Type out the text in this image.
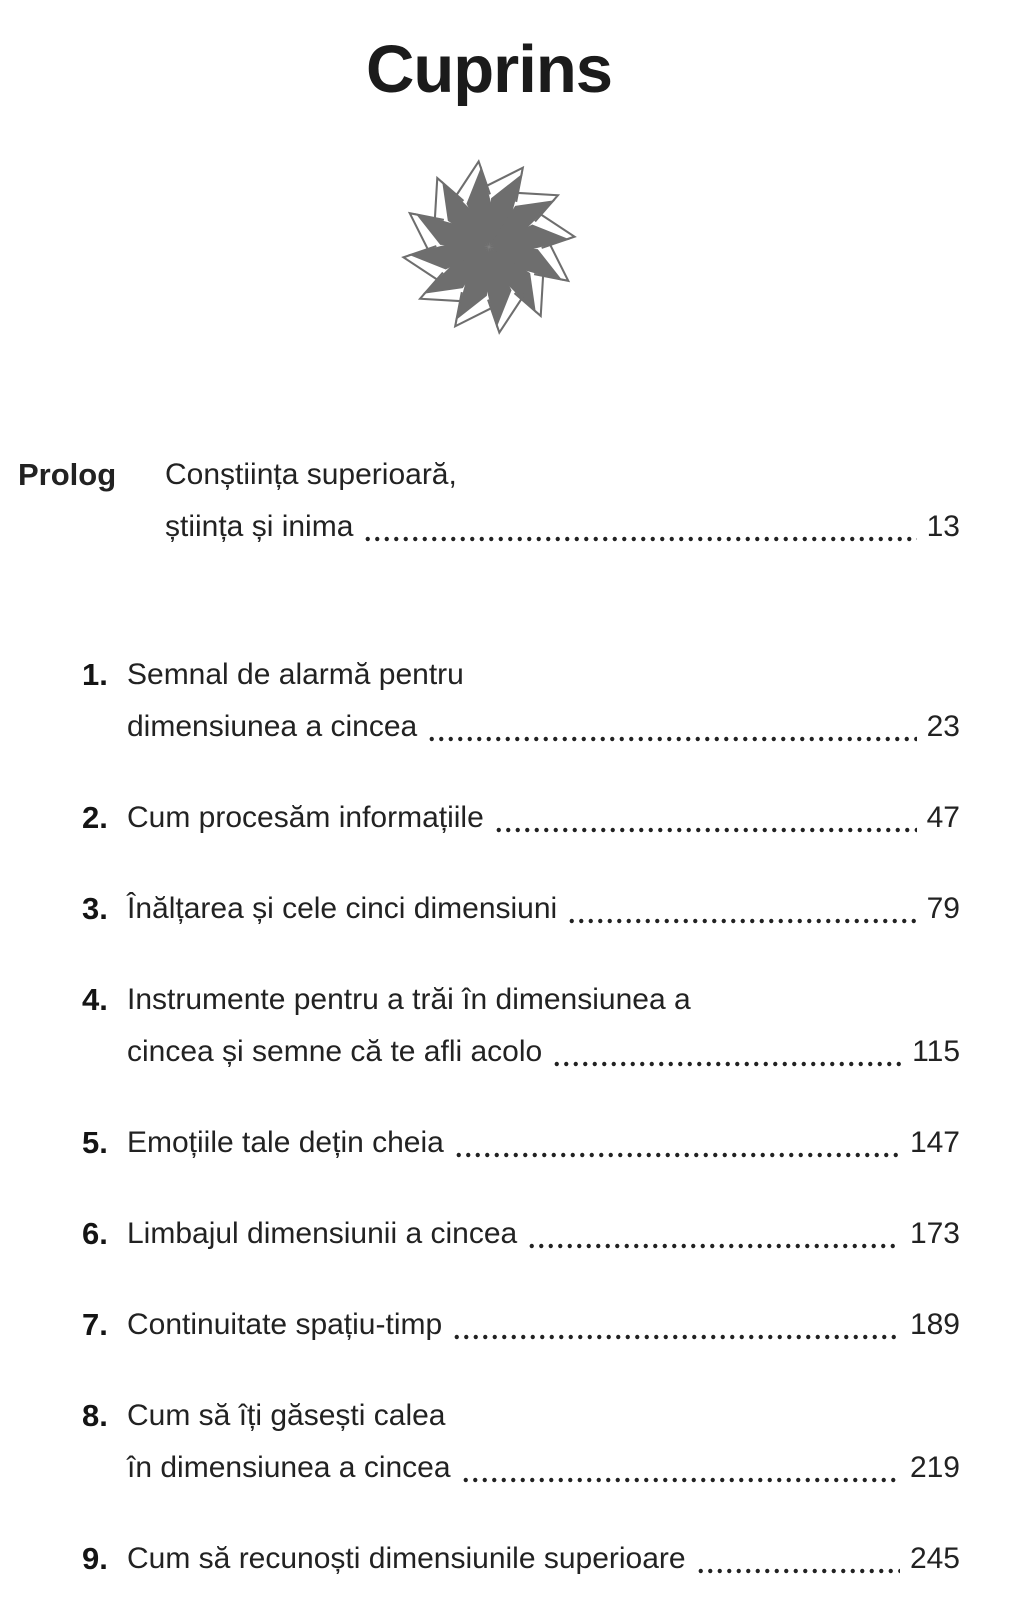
Cuprins
Prolog	Conștiința superioară,
știința și inima	13
1. Semnal de alarmă pentru
dimensiunea a cincea	23
2. Cum procesăm informațiile	47
3. Înălțarea și cele cinci dimensiuni	79
4. Instrumente pentru a trăi în dimensiunea a
cincea și semne că te afli acolo	115
5. Emoțiile tale dețin cheia	147
6. Limbajul dimensiunii a cincea	173
7. Continuitate spațiu-timp	189
8. Cum să îți găsești calea
în dimensiunea a cincea	219
9. Cum să recunoști dimensiunile superioare	245
